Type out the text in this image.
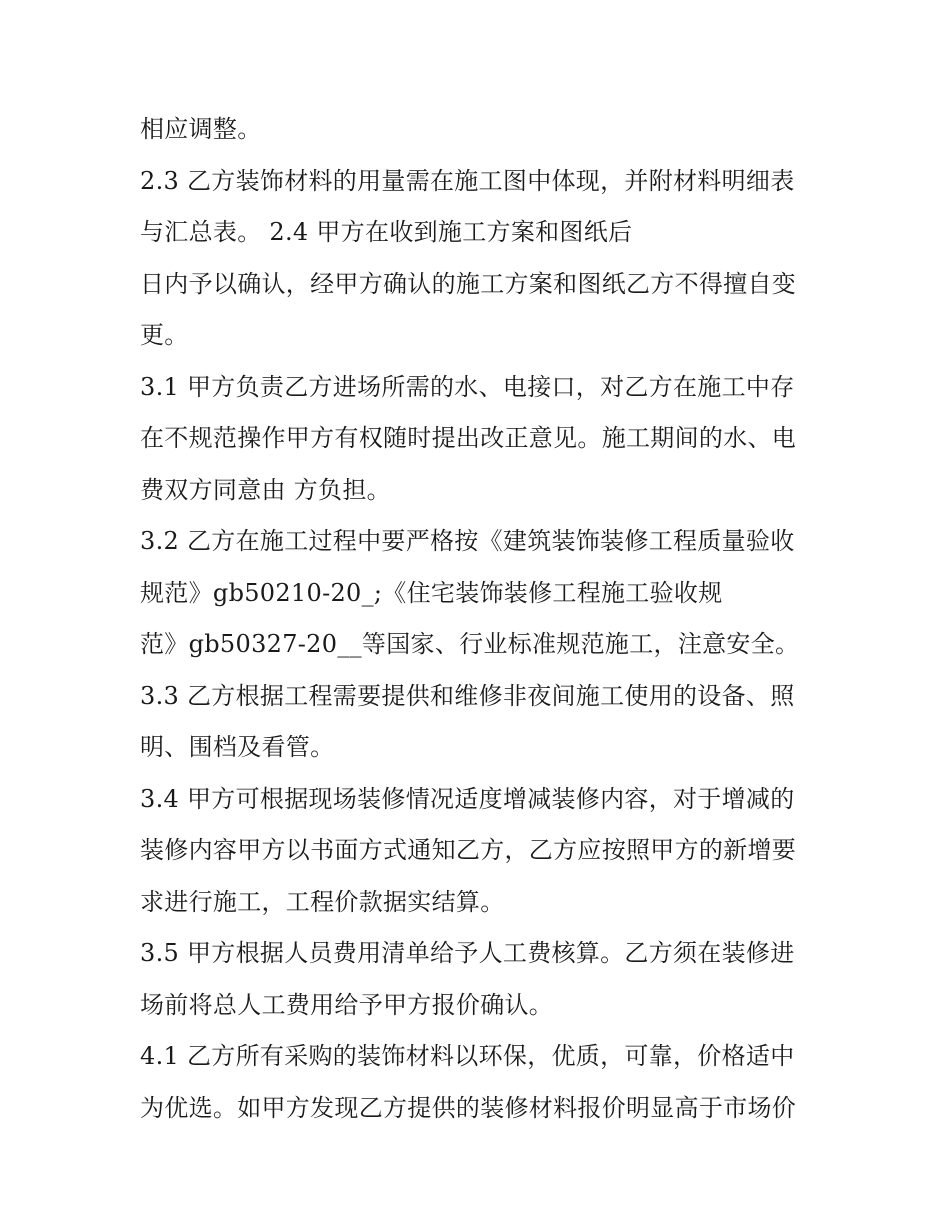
相应调整。
2.3 乙方装饰材料的用量需在施工图中体现，并附材料明细表
与汇总表。 2.4 甲方在收到施工方案和图纸后
日内予以确认，经甲方确认的施工方案和图纸乙方不得擅自变
更。
3.1 甲方负责乙方进场所需的水、电接口，对乙方在施工中存
在不规范操作甲方有权随时提出改正意见。施工期间的水、电
费双方同意由 方负担。
3.2 乙方在施工过程中要严格按《建筑装饰装修工程质量验收
规范》gb50210-20_;《住宅装饰装修工程施工验收规
范》gb50327-20__等国家、行业标准规范施工，注意安全。
3.3 乙方根据工程需要提供和维修非夜间施工使用的设备、照
明、围档及看管。
3.4 甲方可根据现场装修情况适度增减装修内容，对于增减的
装修内容甲方以书面方式通知乙方，乙方应按照甲方的新增要
求进行施工，工程价款据实结算。
3.5 甲方根据人员费用清单给予人工费核算。乙方须在装修进
场前将总人工费用给予甲方报价确认。
4.1 乙方所有采购的装饰材料以环保，优质，可靠，价格适中
为优选。如甲方发现乙方提供的装修材料报价明显高于市场价
